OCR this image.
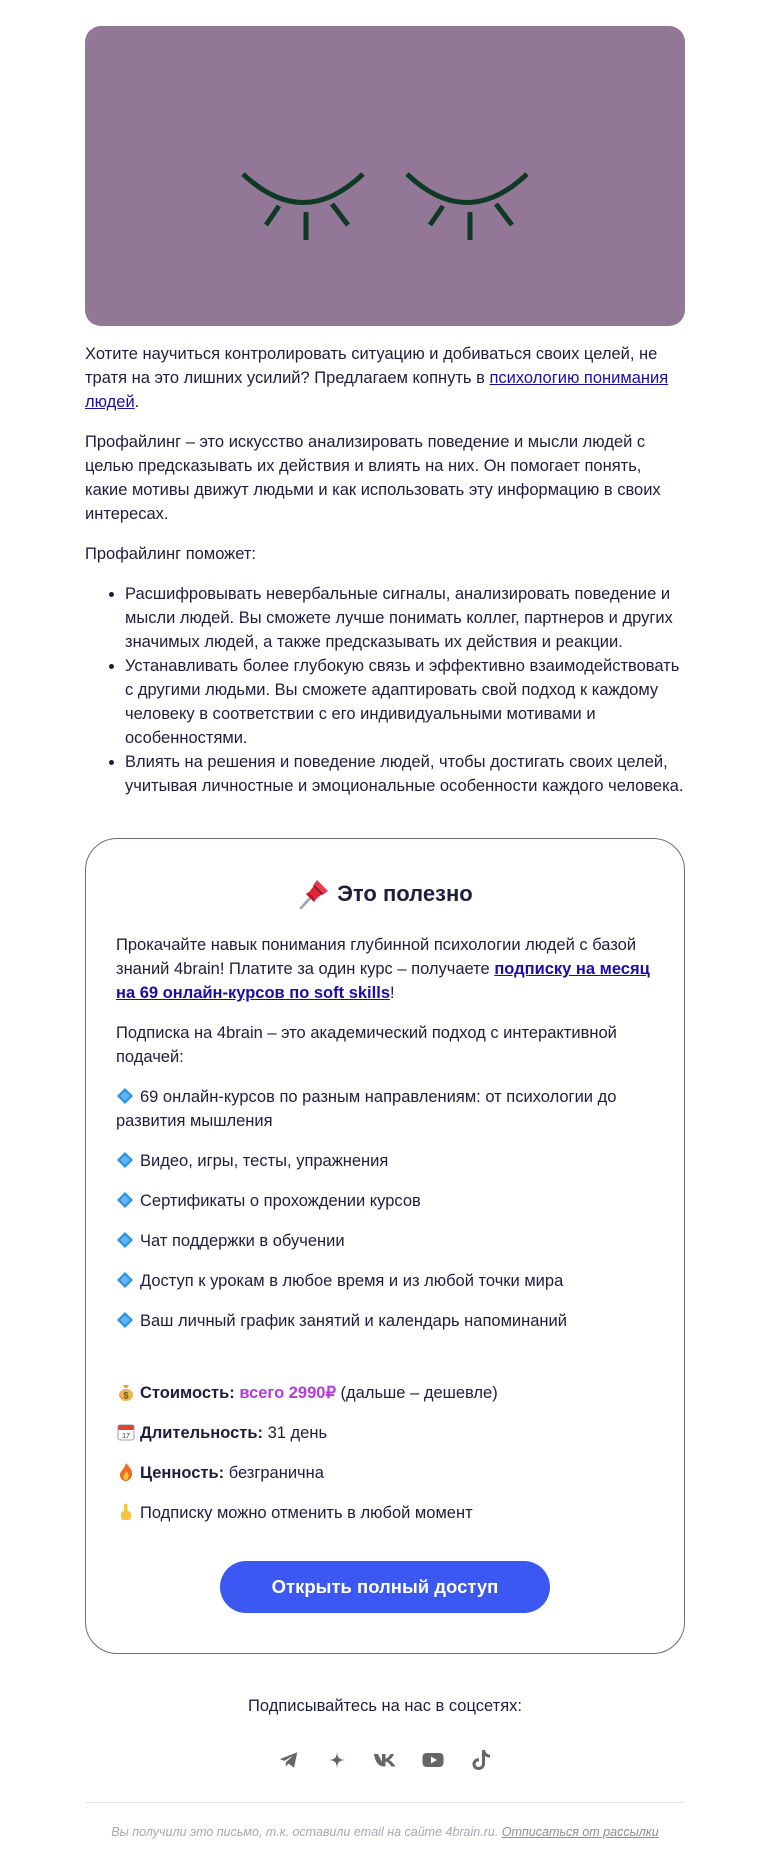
Хотите научиться контролировать ситуацию и добиваться своих целей, не тратя на это лишних усилий? Предлагаем копнуть в психологию понимания людей.

Профайлинг – это искусство анализировать поведение и мысли людей с целью предсказывать их действия и влиять на них. Он помогает понять, какие мотивы движут людьми и как использовать эту информацию в своих интересах.

Профайлинг поможет:

• Расшифровывать невербальные сигналы, анализировать поведение и мысли людей. Вы сможете лучше понимать коллег, партнеров и других значимых людей, а также предсказывать их действия и реакции.
• Устанавливать более глубокую связь и эффективно взаимодействовать с другими людьми. Вы сможете адаптировать свой подход к каждому человеку в соответствии с его индивидуальными мотивами и особенностями.
• Влиять на решения и поведение людей, чтобы достигать своих целей, учитывая личностные и эмоциональные особенности каждого человека.
Это полезно

Прокачайте навык понимания глубинной психологии людей с базой знаний 4brain! Платите за один курс – получаете подписку на месяц на 69 онлайн-курсов по soft skills!

Подписка на 4brain – это академический подход с интерактивной подачей:

69 онлайн-курсов по разным направлениям: от психологии до развития мышления

Видео, игры, тесты, упражнения

Сертификаты о прохождении курсов

Чат поддержки в обучении

Доступ к урокам в любое время и из любой точки мира

Ваш личный график занятий и календарь напоминаний

$ Стоимость: всего 2990₽ (дальше – дешевле)

17 Длительность: 31 день

Ценность: безгранична

Подписку можно отменить в любой момент

Открыть полный доступ

Подписывайтесь на нас в соцсетях:

Вы получили это письмо, т.к. оставили email на сайте 4brain.ru. Отписаться от рассылки
